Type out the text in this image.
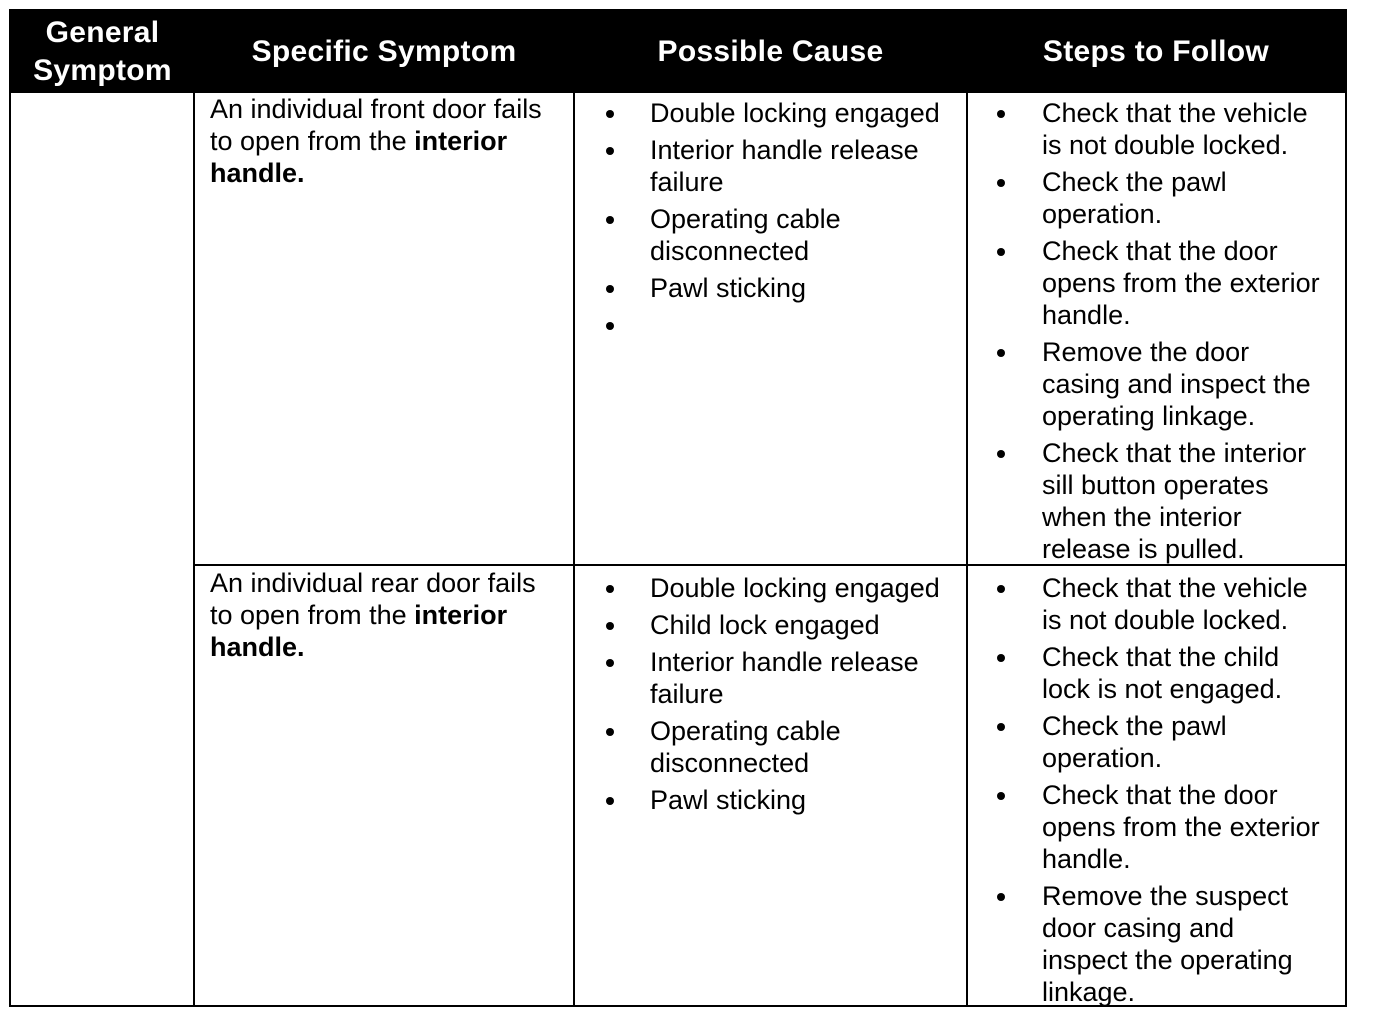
General
Symptom
Specific Symptom	Possible Cause	Steps to Follow
An individual front door fails to open from the interior handle.
Double locking engaged
Interior handle release failure
Operating cable disconnected
Pawl sticking
Check that the vehicle is not double locked.
Check the pawl operation.
Check that the door opens from the exterior handle.
Remove the door casing and inspect the operating linkage.
Check that the interior sill button operates when the interior release is pulled.
An individual rear door fails to open from the interior handle.
Double locking engaged
Child lock engaged
Interior handle release failure
Operating cable disconnected
Pawl sticking
Check that the vehicle is not double locked.
Check that the child lock is not engaged.
Check the pawl operation.
Check that the door opens from the exterior handle.
Remove the suspect door casing and inspect the operating linkage.
